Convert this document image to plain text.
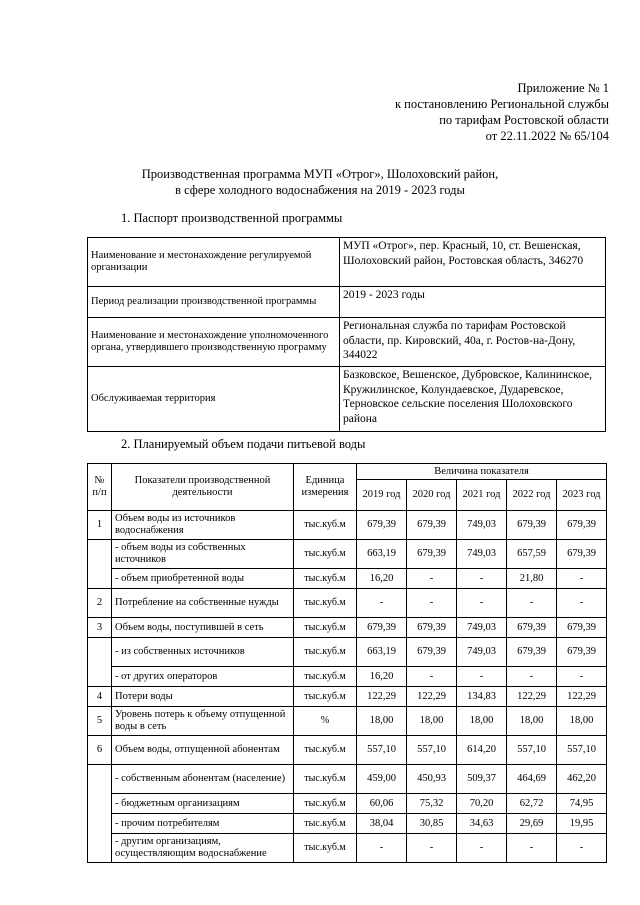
Приложение № 1
к постановлению Региональной службы
по тарифам Ростовской области
от 22.11.2022 № 65/104
Производственная программа МУП «Отрог», Шолоховский район,
в сфере холодного водоснабжения на 2019 - 2023 годы
1. Паспорт производственной программы
Наименование и местонахождение регулируемой организации	МУП «Отрог», пер. Красный, 10, ст. Вешенская, Шолоховский район, Ростовская область, 346270
Период реализации производственной программы	2019 - 2023 годы
Наименование и местонахождение уполномоченного органа, утвердившего производственную программу	Региональная служба по тарифам Ростовской области, пр. Кировский, 40а, г. Ростов-на-Дону, 344022
Обслуживаемая территория	Базковское, Вешенское, Дубровское, Калининское, Кружилинское, Колундаевское, Дударевское, Терновское сельские поселения Шолоховского района
2. Планируемый объем подачи питьевой воды
№ п/п	Показатели производственной деятельности	Единица измерения	Величина показателя				
			2019 год	2020 год	2021 год	2022 год	2023 год
1	Объем воды из источников водоснабжения	тыс.куб.м	679,39	679,39	749,03	679,39	679,39
	- объем воды из собственных источников	тыс.куб.м	663,19	679,39	749,03	657,59	679,39
	- объем приобретенной воды	тыс.куб.м	16,20	-	-	21,80	-
2	Потребление на собственные нужды	тыс.куб.м	-	-	-	-	-
3	Объем воды, поступившей в сеть	тыс.куб.м	679,39	679,39	749,03	679,39	679,39
	- из собственных источников	тыс.куб.м	663,19	679,39	749,03	679,39	679,39
	- от других операторов	тыс.куб.м	16,20	-	-	-	-
4	Потери воды	тыс.куб.м	122,29	122,29	134,83	122,29	122,29
5	Уровень потерь к объему отпущенной воды в сеть	%	18,00	18,00	18,00	18,00	18,00
6	Объем воды, отпущенной абонентам	тыс.куб.м	557,10	557,10	614,20	557,10	557,10
	- собственным абонентам (население)	тыс.куб.м	459,00	450,93	509,37	464,69	462,20
	- бюджетным организациям	тыс.куб.м	60,06	75,32	70,20	62,72	74,95
	- прочим потребителям	тыс.куб.м	38,04	30,85	34,63	29,69	19,95
	- другим организациям, осуществляющим водоснабжение	тыс.куб.м	-	-	-	-	-
